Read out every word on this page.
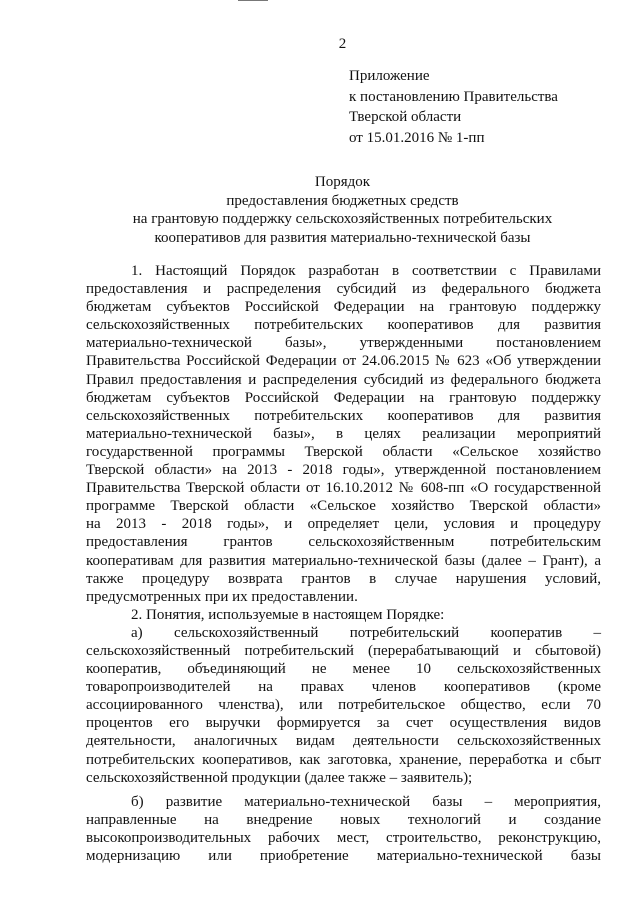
2
Приложение
к постановлению Правительства
Тверской области
от 15.01.2016 № 1-пп
Порядок
предоставления бюджетных средств
на грантовую поддержку сельскохозяйственных потребительских
кооперативов для развития материально-технической базы
1. Настоящий Порядок разработан в соответствии с Правилами
предоставления и распределения субсидий из федерального бюджета
бюджетам субъектов Российской Федерации на грантовую поддержку
сельскохозяйственных потребительских кооперативов для развития
материально-технической базы», утвержденными постановлением
Правительства Российской Федерации от 24.06.2015 № 623 «Об утверждении
Правил предоставления и распределения субсидий из федерального бюджета
бюджетам субъектов Российской Федерации на грантовую поддержку
сельскохозяйственных потребительских кооперативов для развития
материально-технической базы», в целях реализации мероприятий
государственной программы Тверской области «Сельское хозяйство
Тверской области» на 2013 - 2018 годы», утвержденной постановлением
Правительства Тверской области от 16.10.2012 № 608-пп «О государственной
программе Тверской области «Сельское хозяйство Тверской области»
на 2013 - 2018 годы», и определяет цели, условия и процедуру
предоставления грантов сельскохозяйственным потребительским
кооперативам для развития материально-технической базы (далее – Грант), а
также процедуру возврата грантов в случае нарушения условий,
предусмотренных при их предоставлении.
2. Понятия, используемые в настоящем Порядке:
а) сельскохозяйственный потребительский кооператив –
сельскохозяйственный потребительский (перерабатывающий и сбытовой)
кооператив, объединяющий не менее 10 сельскохозяйственных
товаропроизводителей на правах членов кооперативов (кроме
ассоциированного членства), или потребительское общество, если 70
процентов его выручки формируется за счет осуществления видов
деятельности, аналогичных видам деятельности сельскохозяйственных
потребительских кооперативов, как заготовка, хранение, переработка и сбыт
сельскохозяйственной продукции (далее также – заявитель);
б) развитие материально-технической базы – мероприятия,
направленные на внедрение новых технологий и создание
высокопроизводительных рабочих мест, строительство, реконструкцию,
модернизацию или приобретение материально-технической базы
